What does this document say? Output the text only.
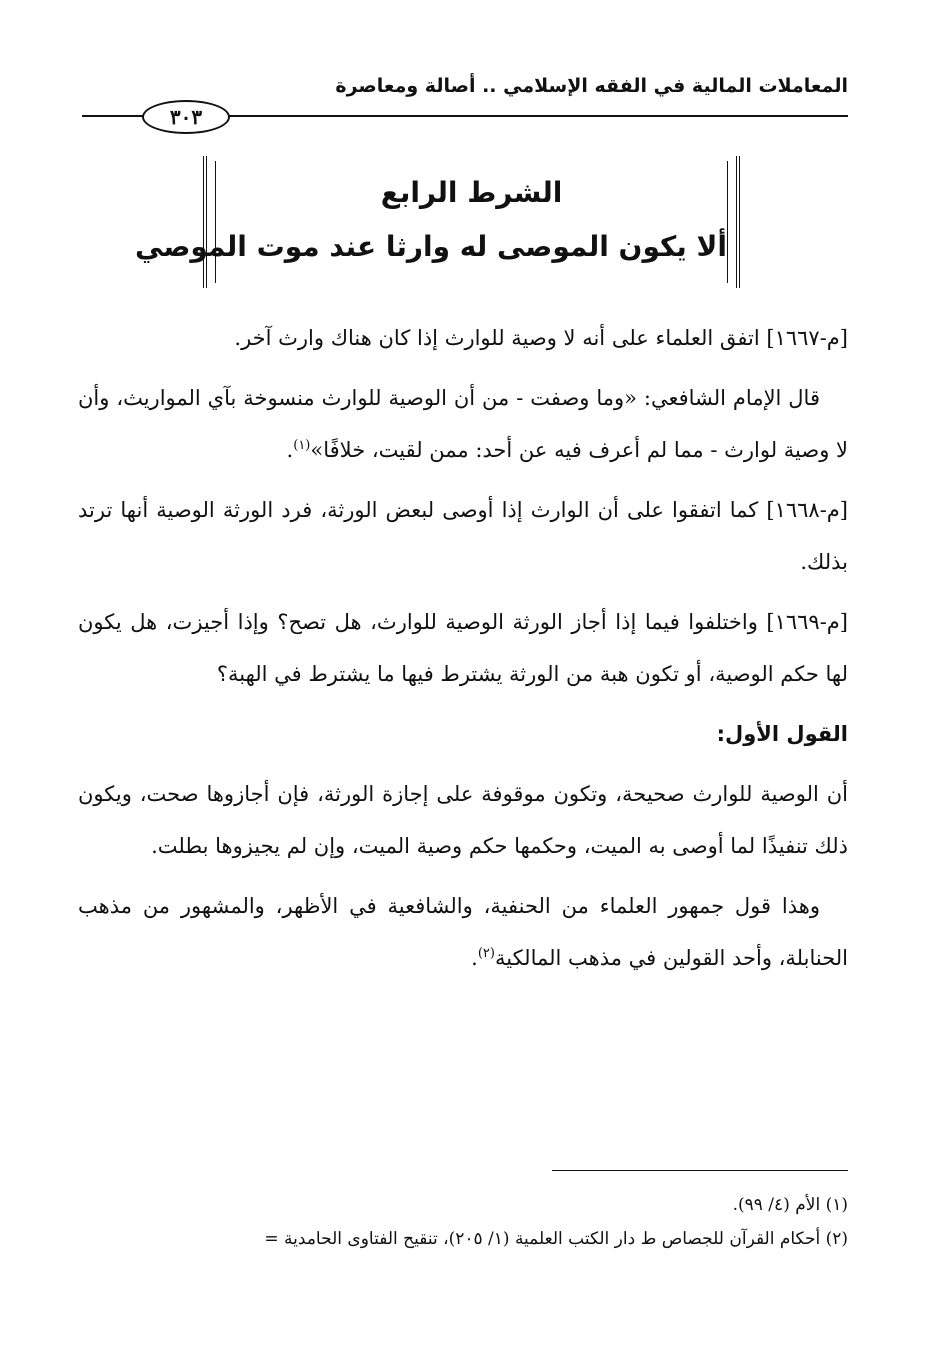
المعاملات المالية في الفقه الإسلامي .. أصالة ومعاصرة
٣٠٣
الشرط الرابع
ألا يكون الموصى له وارثا عند موت الموصي

[م-١٦٦٧] اتفق العلماء على أنه لا وصية للوارث إذا كان هناك وارث آخر.

قال الإمام الشافعي: «وما وصفت - من أن الوصية للوارث منسوخة بآي المواريث، وأن لا وصية لوارث - مما لم أعرف فيه عن أحد: ممن لقيت، خلافًا»$^{(١)}$.

[م-١٦٦٨] كما اتفقوا على أن الوارث إذا أوصى لبعض الورثة، فرد الورثة الوصية أنها ترتد بذلك.

[م-١٦٦٩] واختلفوا فيما إذا أجاز الورثة الوصية للوارث، هل تصح؟ وإذا أجيزت، هل يكون لها حكم الوصية، أو تكون هبة من الورثة يشترط فيها ما يشترط في الهبة؟

القول الأول:

أن الوصية للوارث صحيحة، وتكون موقوفة على إجازة الورثة، فإن أجازوها صحت، ويكون ذلك تنفيذًا لما أوصى به الميت، وحكمها حكم وصية الميت، وإن لم يجيزوها بطلت.

وهذا قول جمهور العلماء من الحنفية، والشافعية في الأظهر، والمشهور من مذهب الحنابلة، وأحد القولين في مذهب المالكية$^{(٢)}$.

(١) الأم (٤/ ٩٩).

(٢) أحكام القرآن للجصاص ط دار الكتب العلمية (١/ ٢٠٥)، تنقيح الفتاوى الحامدية =
